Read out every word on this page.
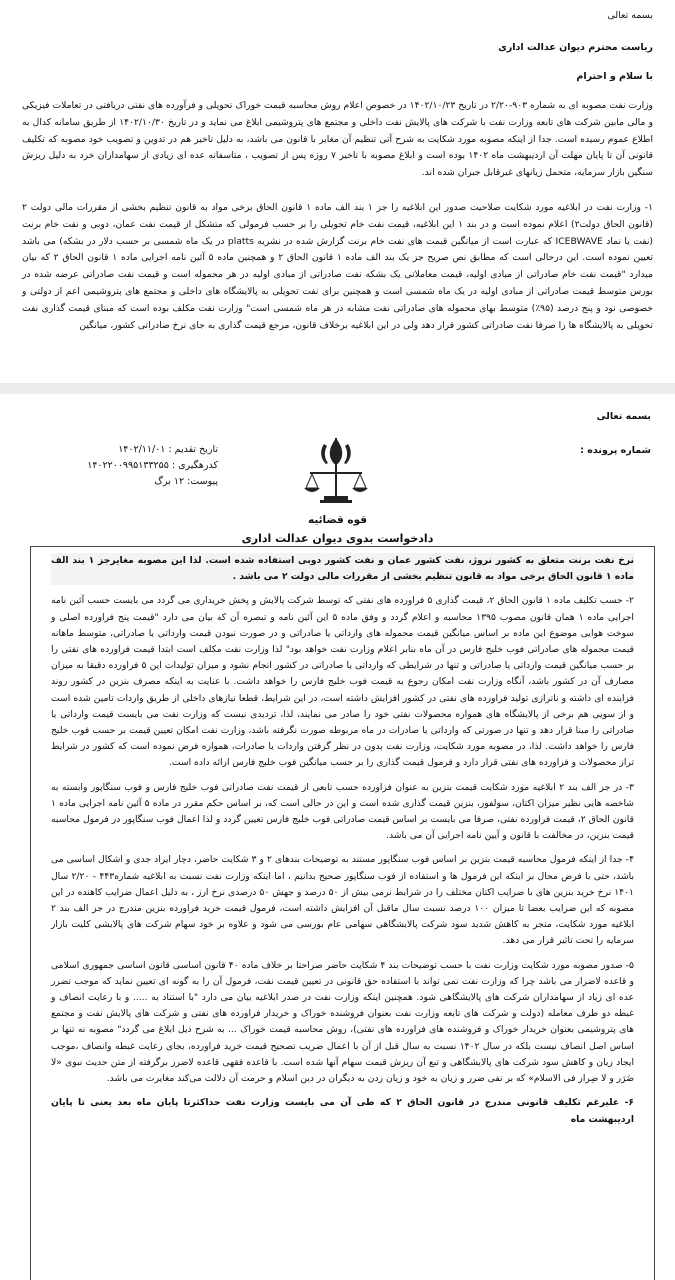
بسمه تعالی
ریاست محترم دیوان عدالت اداری
با سلام و احترام

وزارت نفت مصوبه ای به شماره ۹۰۳-۲/۲۰ در تاریخ ۱۴۰۲/۱۰/۲۳ در خصوص اعلام روش محاسبه قیمت خوراک تحویلی و فرآورده های نفتی دریافتی در تعاملات فیزیکی و مالی مابین شرکت های تابعه وزارت نفت با شرکت های پالایش نفت داخلی و مجتمع های پتروشیمی ابلاغ می نماید و در تاریخ ۱۴۰۲/۱۰/۳۰ از طریق سامانه کدال به اطلاع عموم رسیده است. جدا از اینکه مصوبه مورد شکایت به شرح آتی تنظیم آن مغایر با قانون می باشد، به دلیل تاخیر هم در تدوین و تصویب خود مصوبه که تکلیف قانونی آن تا پایان مهلت آن اردیبهشت ماه ۱۴۰۲ بوده است و ابلاغ مصوبه با تاخیر ۷ روزه پس از تصویب ، متاسفانه عده ای زیادی از سهامداران خرد به دلیل ریزش سنگین بازار سرمایه، متحمل زیانهای غیرقابل جبران شده اند.

۱- وزارت نفت در ابلاغیه مورد شکایت صلاحیت صدور این ابلاغیه را جز ۱ بند الف ماده ۱ قانون الحاق برخی مواد به قانون تنظیم بخشی از مقررات مالی دولت ۲ (قانون الحاق دولت۲) اعلام نموده است و در بند ۱ این ابلاغیه، قیمت نفت خام تحویلی را بر حسب فرمولی که متشکل از قیمت نفت عمان، دوبی و نفت خام برنت (نفت یا نماد ICEBWAVE که عبارت است از میانگین قیمت های نفت خام برنت گزارش شده در نشریه platts در یک ماه شمسی بر حسب دلار در بشکه) می باشد تعیین نموده است. این درحالی است که مطابق نص صریح جز یک بند الف ماده ۱ قانون الحاق ۲ و همچنین ماده ۵ آئین نامه اجرایی ماده ۱ قانون الحاق ۲ که بیان میدارد "قیمت نفت خام صادراتی از مبادی اولیه، قیمت معاملاتی یک بشکه نفت صادراتی از مبادی اولیه در هر محموله است و قیمت نفت صادراتی عرضه شده در بورس متوسط قیمت صادراتی از مبادی اولیه در یک ماه شمسی است و همچنین برای نفت تحویلی به پالایشگاه های داخلی و مجتمع های پتروشیمی اعم از دولتی و خصوصی نود و پنج درصد (۹۵٪) متوسط بهای محموله های صادراتی نفت مشابه در هر ماه شمسی است" وزارت نفت مکلف بوده است که مبنای قیمت گذاری نفت تحویلی به پالایشگاه ها را صرفا نفت صادراتی کشور قرار دهد ولی در این ابلاغیه برخلاف قانون، مرجع قیمت گذاری به جای نرخ صادراتی کشور، میانگین

بسمه تعالی
شماره پرونده :
تاریخ تقدیم : ۱۴۰۲/۱۱/۰۱
کدرهگیری : ۱۴۰۲۲۰۰۹۹۵۱۳۳۲۵۵
پیوست: ۱۲ برگ
قوه قضائیه
دادخواست بدوی دیوان عدالت اداری

نرخ نفت برنت متعلق به کشور نروژ، نفت کشور عمان و نفت کشور دوبی استفاده شده است. لذا این مصوبه مغایرجز ۱ بند الف ماده ۱ قانون الحاق برخی مواد به قانون تنظیم بخشی از مقررات مالی دولت ۲ می باشد .

۲- حسب تکلیف ماده ۱ قانون الحاق ۲، قیمت گذاری ۵ فراورده های نفتی که توسط شرکت پالایش و پخش خریداری می گردد می بایست حسب آئین نامه اجرایی ماده ۱ همان قانون مصوب ۱۳۹۵ محاسبه و اعلام گردد و وفق ماده ۵ این آئین نامه و تبصره آن که بیان می دارد "قیمت پنج فراورده اصلی و سوخت هوایی موضوع این ماده بر اساس میانگین قیمت محموله های وارداتی یا صادراتی و در صورت نبودن قیمت وارداتی یا صادراتی، متوسط ماهانه قیمت محموله های صادراتی فوب خلیج فارس در آن ماه بنابر اعلام وزارت نفت خواهد بود" لذا وزارت نفت مکلف است ابتدا قیمت فراورده های نفتی را بر حسب میانگین قیمت وارداتی یا صادراتی و تنها در شرایطی که وارداتی یا صادراتی در کشور انجام نشود و میزان تولیدات این ۵ فراورده دقیقا به میزان مصارف آن در کشور باشد، آنگاه وزارت نفت امکان رجوع به قیمت فوب خلیج فارس را خواهد داشت. با عنایت به اینکه مصرف بنزین در کشور روند فزاینده ای داشته و ناترازی تولید فراورده های نفتی در کشور افزایش داشته است، در این شرایط، قطعا نیازهای داخلی از طریق واردات تامین شده است و از سویی هم برخی از پالایشگاه های همواره محصولات نفتی خود را صادر می نمایند، لذا، تردیدی نیست که وزارت نفت می بایست قیمت وارداتی یا صادراتی را مبنا قرار دهد و تنها در صورتی که وارداتی یا صادرات در ماه مربوطه صورت نگرفته باشد، وزارت نفت امکان تعیین قیمت بر حسب فوب خلیج فارس را خواهد داشت. لذا، در مصوبه مورد شکایت، وزارت نفت بدون در نظر گرفتن واردات یا صادرات، همواره فرض نموده است که کشور در شرایط تراز محصولات و فراورده های نفتی قرار دارد و فرمول قیمت گذاری را بر حسب میانگین فوب خلیج فارس ارائه داده است.

۳- در جز الف بند ۲ ابلاغیه مورد شکایت قیمت بنزین به عنوان فراورده حسب تابعی از قیمت نفت صادراتی فوب خلیج فارس و فوب سنگاپور وابسته به شاخصه هایی نظیر میزان اکتان، سولفور، بنزین قیمت گذاری شده است و این در حالی است که، بر اساس حکم مقرر در ماده ۵ آئین نامه اجرایی ماده ۱ قانون الحاق ۲، قیمت فراورده نفتی، صرفا می بایست بر اساس قیمت صادراتی فوب خلیج فارس تعیین گردد و لذا اعمال فوب سنگاپور در فرمول محاسبه قیمت بنزین، در مخالفت با قانون و آیین نامه اجرایی آن می باشد.

۴- جدا از اینکه فرمول محاسبه قیمت بنزین بر اساس فوب سنگاپور مستند به توضیحات بندهای ۲ و ۳ شکایت حاضر، دچار ایراد جدی و اشکال اساسی می باشد، حتی با فرض محال بر اینکه این فرمول ها و استفاده از فوب سنگاپور صحیح بدانیم ، اما اینکه وزارت نفت نسبت به ابلاغیه شماره۴۴۳ - ۲/۲۰ سال ۱۴۰۱ نرخ خرید بنزین های با ضرایب اکتان مختلف را در شرایط نرمی بیش از ۵۰ درصد و جهش ۵۰ درصدی نرخ ارز ، به دلیل اعمال ضرایب کاهنده در این مصوبه که این ضرایب بعضا تا میزان ۱۰۰ درصد نسبت سال ماقبل آن افزایش داشته است، فرمول قیمت خرید فراورده بنزین مندرج در جز الف بند ۲ ابلاغیه مورد شکایت، منجر به کاهش شدید سود شرکت پالایشگاهی سهامی عام بورسی می شود و علاوه بر خود سهام شرکت های پالایشی کلیت بازار سرمایه را تحت تاثیر قرار می دهد.

۵- صدور مصوبه مورد شکایت وزارت نفت با حسب توضیحات بند ۴ شکایت حاضر صراحتا بر خلاف ماده ۴۰ قانون اساسی قانون اساسی جمهوری اسلامی و قاعده لاضرار می باشد چرا که وزارت نفت نمی تواند با استفاده حق قانونی در تعیین قیمت نفت، فرمول آن را به گونه ای تعیین نماید که موجب تضرر عده ای زیاد از سهامداران شرکت های پالایشگاهی شود. همچنین اینکه وزارت نفت در صدر ابلاغیه بیان می دارد "با استناد به ..... و با رعایت انصاف و غبطه دو طرف معامله (دولت و شرکت های تابعه وزارت نفت بعنوان فروشنده خوراک و خریدار فراورده های نفتی و شرکت های پالایش نفت و مجتمع های پتروشیمی بعنوان خریدار خوراک و فروشنده های فراورده های نفتی)، روش محاسبه قیمت خوراک ... به شرح ذیل ابلاغ می گردد" مصوبه نه تنها بر اساس اصل انصاف نیست بلکه در سال ۱۴۰۲ نسبت به سال قبل از آن با اعمال ضریب تصحیح قیمت خرید فراورده، بجای رعایت غبطه وانصاف ،موجب ایجاد زیان و کاهش سود شرکت های پالایشگاهی و تبع آن ریزش قیمت سهام آنها شده است. با قاعده فقهی قاعده لاضرر برگرفته از متن حدیث نبوی «لا ضَرَر و لا ضِرار فی الاسلام» که بر نفی ضرر و زیان به خود و زیان زدن به دیگران در دین اسلام و حرمت آن دلالت می‌کند مغایرت می باشد.

۶- علیرغم تکلیف قانونی مندرج در قانون الحاق ۲ که طی آن می بایست وزارت نفت حداکثرتا پایان ماه بعد یعنی تا پایان اردیبهشت ماه
